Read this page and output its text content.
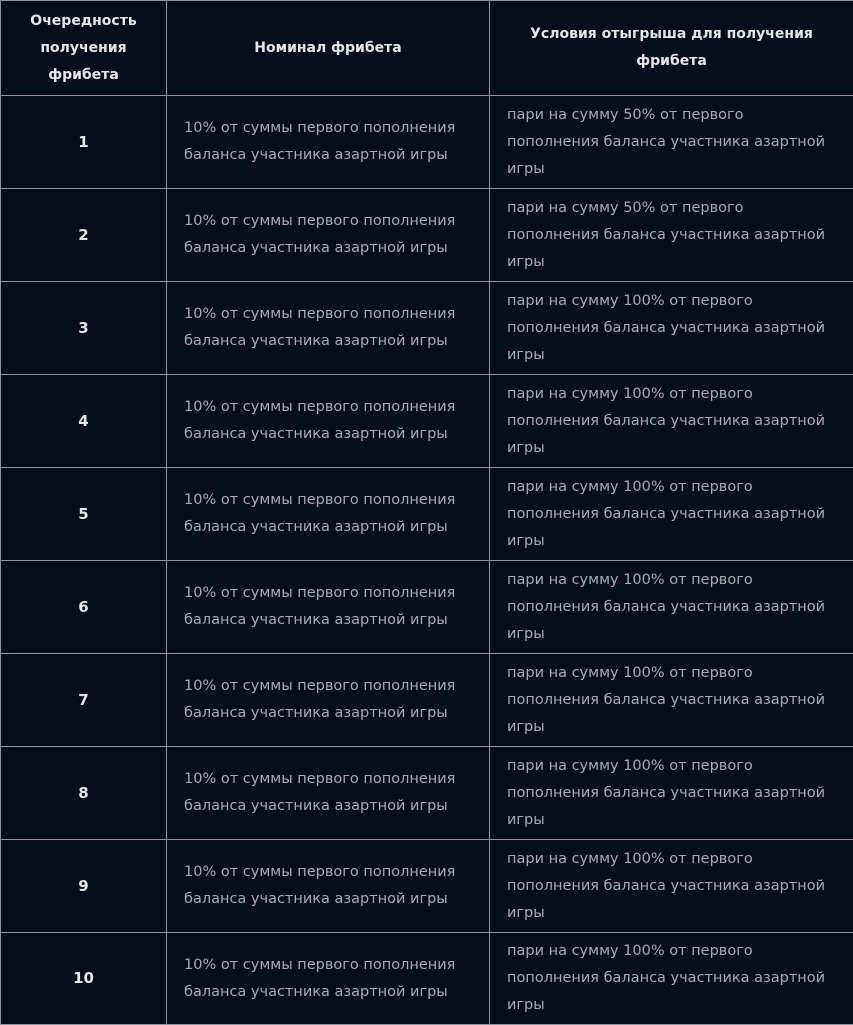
Очередность получения фрибета	Номинал фрибета	Условия отыгрыша для получения фрибета
1	10% от суммы первого пополнения баланса участника азартной игры	пари на сумму 50% от первого пополнения баланса участника азартной игры
2	10% от суммы первого пополнения баланса участника азартной игры	пари на сумму 50% от первого пополнения баланса участника азартной игры
3	10% от суммы первого пополнения баланса участника азартной игры	пари на сумму 100% от первого пополнения баланса участника азартной игры
4	10% от суммы первого пополнения баланса участника азартной игры	пари на сумму 100% от первого пополнения баланса участника азартной игры
5	10% от суммы первого пополнения баланса участника азартной игры	пари на сумму 100% от первого пополнения баланса участника азартной игры
6	10% от суммы первого пополнения баланса участника азартной игры	пари на сумму 100% от первого пополнения баланса участника азартной игры
7	10% от суммы первого пополнения баланса участника азартной игры	пари на сумму 100% от первого пополнения баланса участника азартной игры
8	10% от суммы первого пополнения баланса участника азартной игры	пари на сумму 100% от первого пополнения баланса участника азартной игры
9	10% от суммы первого пополнения баланса участника азартной игры	пари на сумму 100% от первого пополнения баланса участника азартной игры
10	10% от суммы первого пополнения баланса участника азартной игры	пари на сумму 100% от первого пополнения баланса участника азартной игры
